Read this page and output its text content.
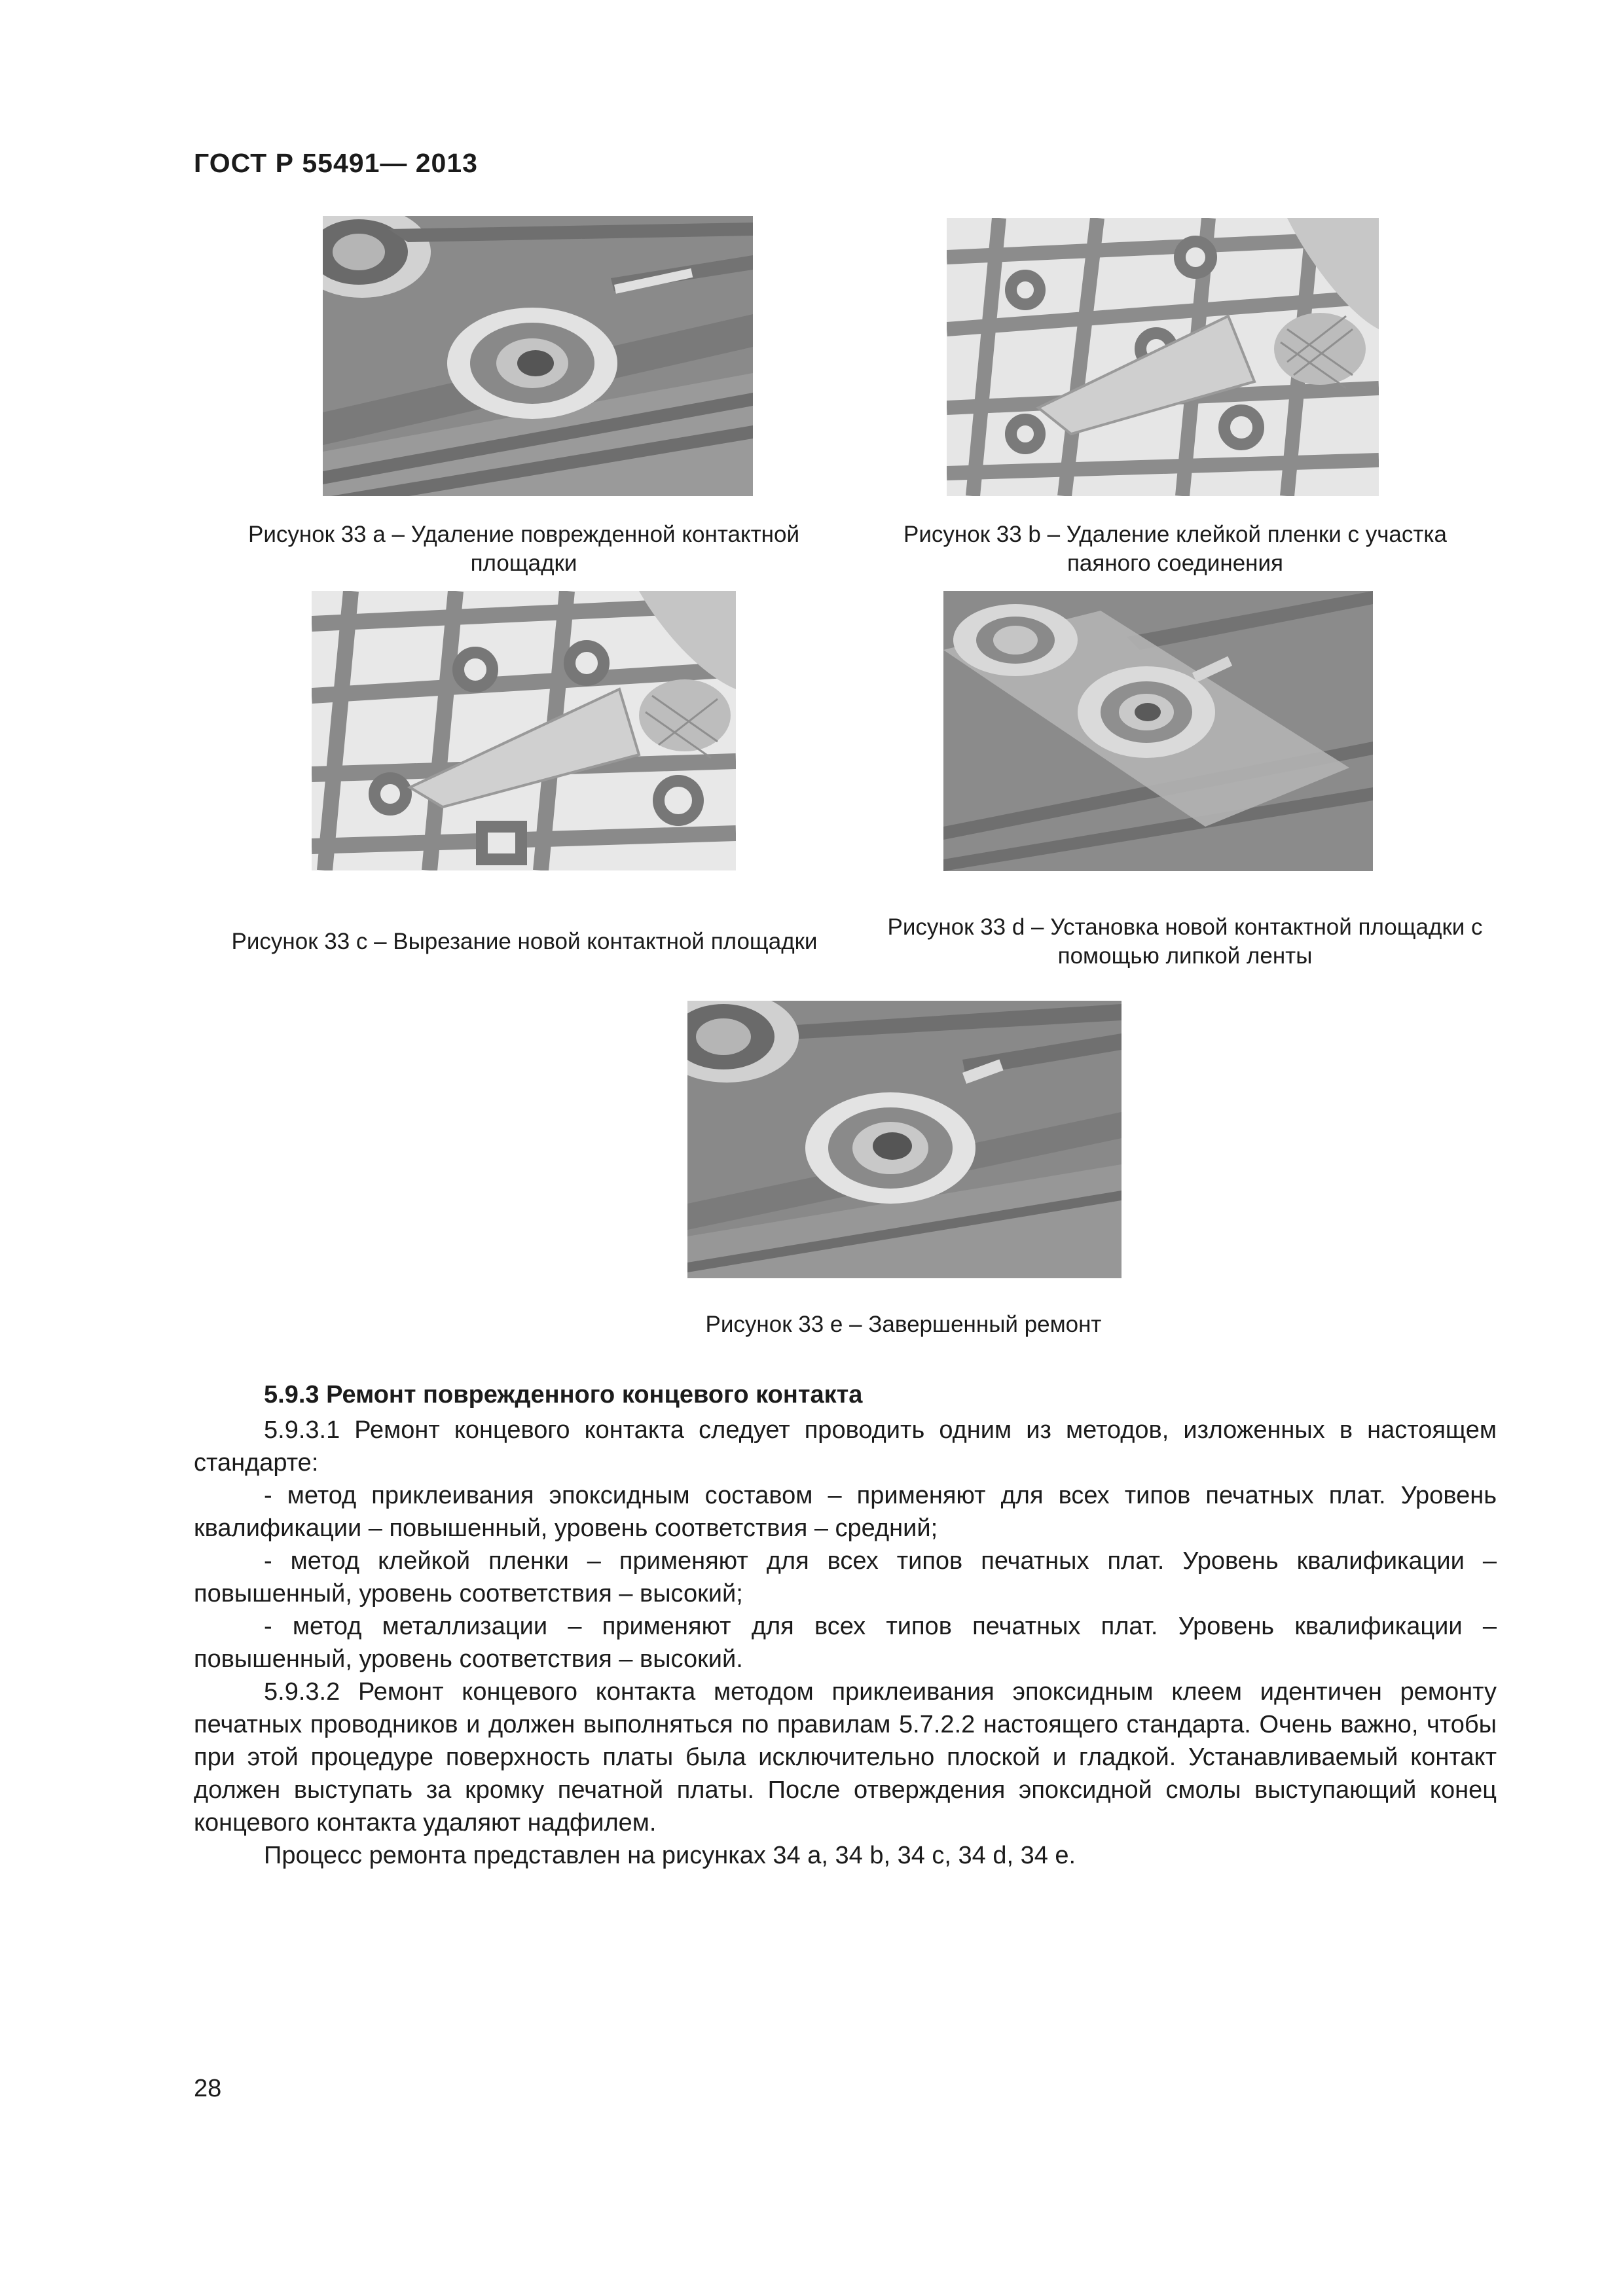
ГОСТ Р 55491— 2013
Рисунок 33 а – Удаление поврежденной контактной площадки
Рисунок 33 b – Удаление клейкой пленки с участка паяного соединения
Рисунок 33 с – Вырезание новой контактной площадки
Рисунок 33 d – Установка новой контактной площадки с помощью липкой ленты
Рисунок 33 е – Завершенный ремонт
5.9.3 Ремонт поврежденного концевого контакта
5.9.3.1 Ремонт концевого контакта следует проводить одним из методов, изложенных в настоящем стандарте:
- метод приклеивания эпоксидным составом – применяют для всех типов печатных плат. Уровень квалификации – повышенный, уровень соответствия – средний;
- метод клейкой пленки – применяют для всех типов печатных плат. Уровень квалификации – повышенный, уровень соответствия – высокий;
- метод металлизации – применяют для всех типов печатных плат. Уровень квалификации – повышенный, уровень соответствия – высокий.
5.9.3.2 Ремонт концевого контакта методом приклеивания эпоксидным клеем идентичен ремонту печатных проводников и должен выполняться по правилам 5.7.2.2 настоящего стандарта. Очень важно, чтобы при этой процедуре поверхность платы была исключительно плоской и гладкой. Устанавливаемый контакт должен выступать за кромку печатной платы. После отверждения эпоксидной смолы выступающий конец концевого контакта удаляют надфилем.
Процесс ремонта представлен на рисунках 34 а, 34 b, 34 с, 34 d, 34 е.
28
